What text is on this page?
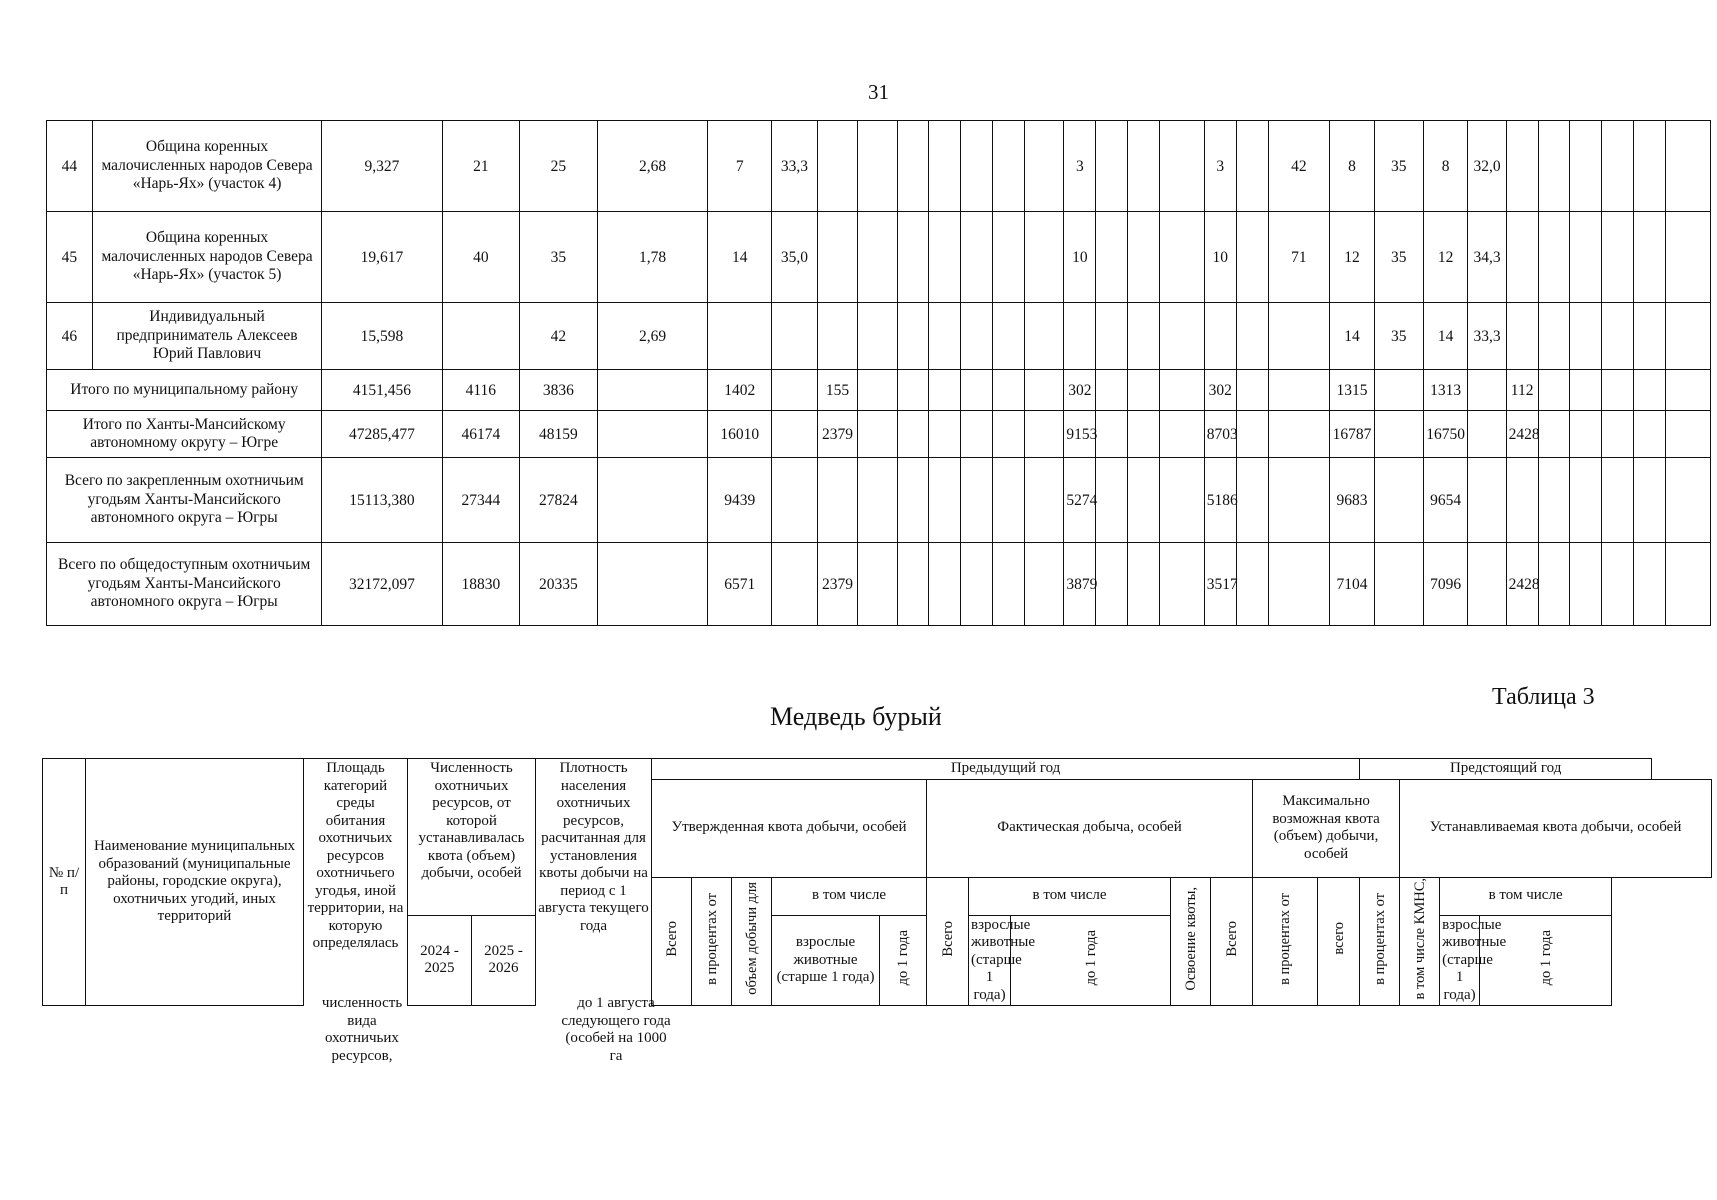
31
44	Община коренных малочисленных народов Севера «Нарь-Ях» (участок 4)	9,327	21	25	2,68	7	33,3								3				3		42	8	35	8	32,0						
45	Община коренных малочисленных народов Севера «Нарь-Ях» (участок 5)	19,617	40	35	1,78	14	35,0								10				10		71	12	35	12	34,3						
46	Индивидуальный предприниматель Алексеев Юрий Павлович	15,598		42	2,69																	14	35	14	33,3						
Итого по муниципальному району		4151,456	4116	3836		1402		155							302				302			1315		1313		112					
Итого по Ханты-Мансийскому автономному округу – Югре		47285,477	46174	48159		16010		2379							9153				8703			16787		16750		2428					
Всего по закрепленным охотничьим угодьям Ханты-Мансийского автономного округа – Югры		15113,380	27344	27824		9439									5274				5186			9683		9654							
Всего по общедоступным охотничьим угодьям Ханты-Мансийского автономного округа – Югры		32172,097	18830	20335		6571		2379							3879				3517			7104		7096		2428					
Таблица 3
Медведь бурый
№ п/п	Наименование муниципальных образований (муниципальные районы, городские округа), охотничьих угодий, иных территорий	Площадь категорий среды обитания охотничьих ресурсов охотничьего угодья, иной территории, на которую определялась	Численность охотничьих ресурсов, от которой устанавливалась квота (объем) добычи, особей		Плотность населения охотничьих ресурсов, расчитанная для установления квоты добычи на период с 1 августа текущего года	Предыдущий год												Предстоящий год			
						Утвержденная квота добычи, особей					Фактическая добыча, особей					Максимально возможная квота (объем) добычи, особей			Устанавливаемая квота добычи, особей		
						Всего	в процентах от	объем добычи для	в том числе		Всего	в том числе		Освоение квоты,	Всего	в процентах от	всего	в процентах от	в том числе КМНС,	в том числе	
			2024 - 2025	2025 - 2026					взрослые животные (старше 1 года)	до 1 года		взрослые животные (старше 1 года)	до 1 года							взрослые животные (старше 1 года)	до 1 года
численность вида охотничьих ресурсов,
до 1 августа следующего года (особей на 1000 га
